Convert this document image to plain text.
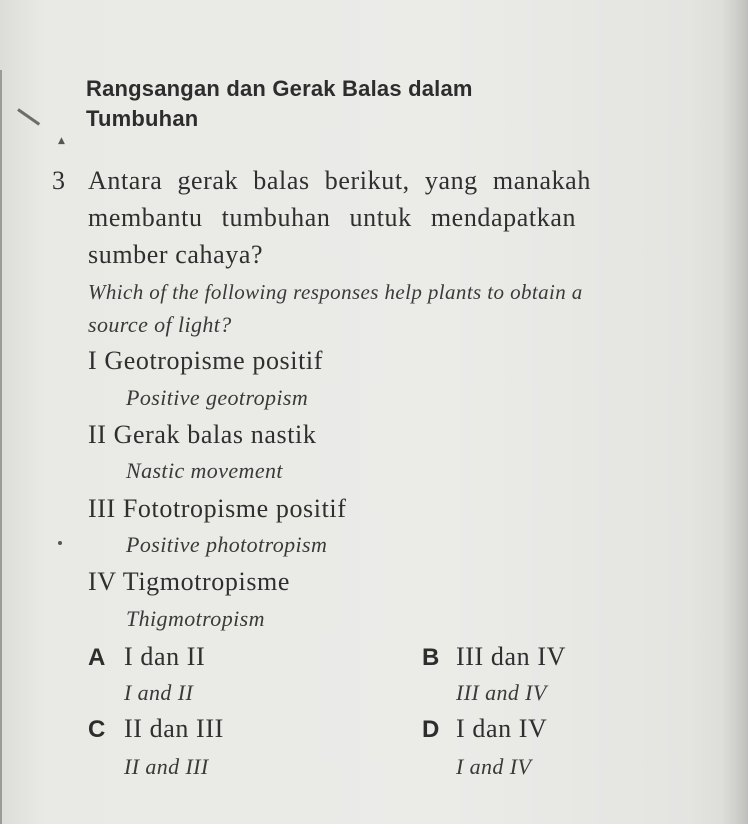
▲
Rangsangan dan Gerak Balas dalam
Tumbuhan
3 Antara gerak balas berikut, yang manakah
membantu tumbuhan untuk mendapatkan
sumber cahaya?
Which of the following responses help plants to obtain a
source of light?
I Geotropisme positif
Positive geotropism
II Gerak balas nastik
Nastic movement
III Fototropisme positif
Positive phototropism
IV Tigmotropisme
Thigmotropism
A I dan II
I and II
B III dan IV
III and IV
C II dan III
II and III
D I dan IV
I and IV
